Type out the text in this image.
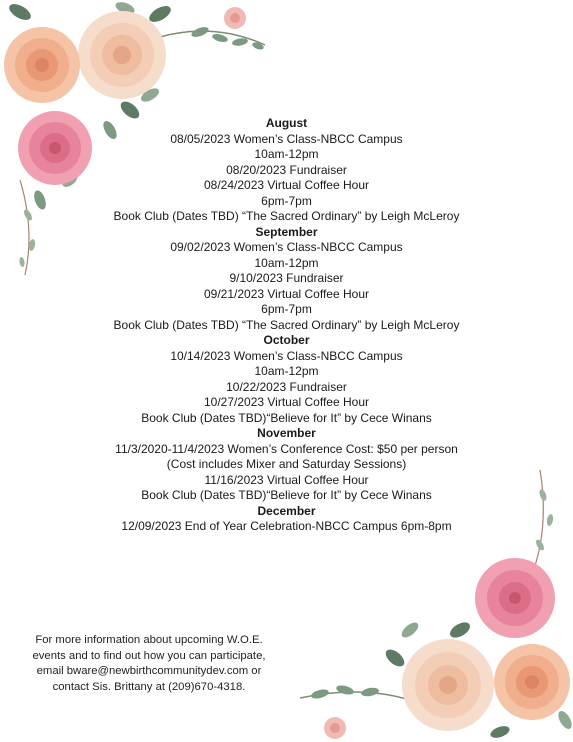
August
08/05/2023 Women’s Class-NBCC Campus
10am-12pm
08/20/2023 Fundraiser
08/24/2023 Virtual Coffee Hour
6pm-7pm
Book Club (Dates TBD) “The Sacred Ordinary” by Leigh McLeroy
September
09/02/2023 Women’s Class-NBCC Campus
10am-12pm
9/10/2023 Fundraiser
09/21/2023 Virtual Coffee Hour
6pm-7pm
Book Club (Dates TBD) “The Sacred Ordinary” by Leigh McLeroy
October
10/14/2023 Women’s Class-NBCC Campus
10am-12pm
10/22/2023 Fundraiser
10/27/2023 Virtual Coffee Hour
Book Club (Dates TBD)“Believe for It” by Cece Winans
November
11/3/2020-11/4/2023 Women’s Conference Cost: $50 per person
(Cost includes Mixer and Saturday Sessions)
11/16/2023 Virtual Coffee Hour
Book Club (Dates TBD)“Believe for It” by Cece Winans
December
12/09/2023 End of Year Celebration-NBCC Campus 6pm-8pm
For more information about upcoming W.O.E.
events and to find out how you can participate,
email bware@newbirthcommunitydev.com or
contact Sis. Brittany at (209)670-4318.
